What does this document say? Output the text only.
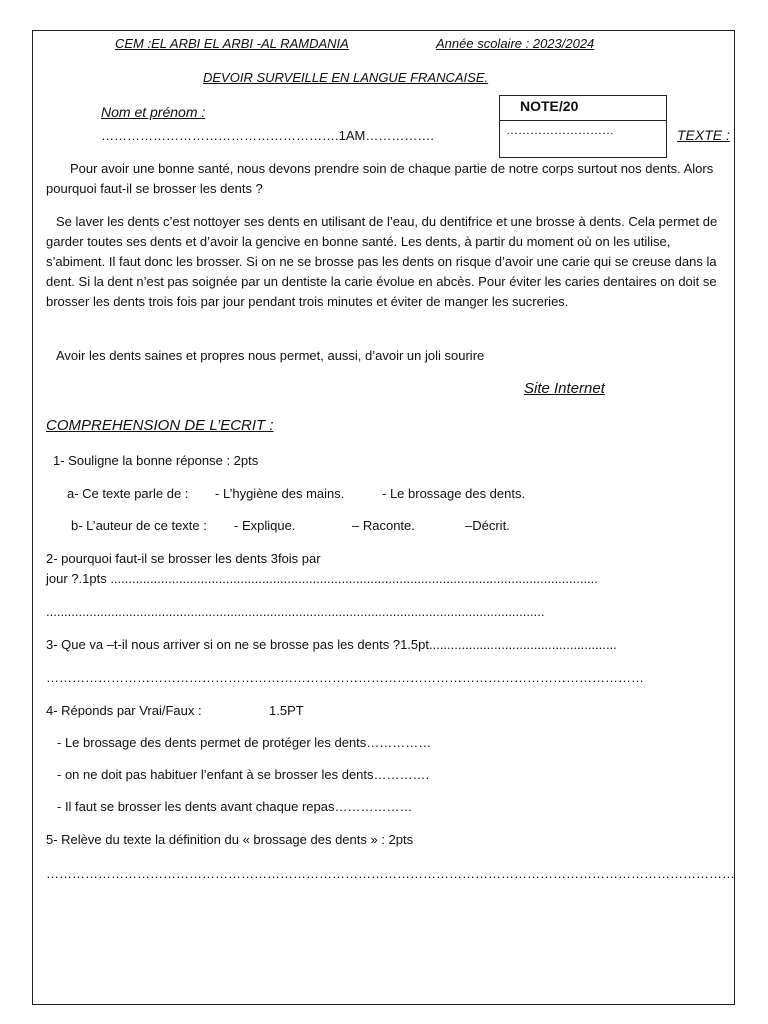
CEM :EL ARBI EL ARBI -AL RAMDANIA	Année scolaire : 2023/2024
DEVOIR SURVEILLE EN LANGUE FRANCAISE.
Nom et prénom :
……………………………………………….1AM…………….
NOTE/20
………………………	TEXTE :
Pour avoir une bonne santé, nous devons prendre soin de chaque partie de notre corps surtout nos dents. Alors pourquoi faut-il se brosser les dents ?
Se laver les dents c’est nottoyer ses dents en utilisant de l’eau, du dentifrice et une brosse à dents. Cela permet de garder toutes ses dents et d’avoir la gencive en bonne santé. Les dents, à partir du moment où on les utilise, s’abiment. Il faut donc les brosser. Si on ne se brosse pas les dents on risque d’avoir une carie qui se creuse dans la dent. Si la dent n’est pas soignée par un dentiste la carie évolue en abcès. Pour éviter les caries dentaires on doit se brosser les dents trois fois par jour pendant trois minutes et éviter de manger les sucreries.
Avoir les dents saines et propres nous permet, aussi, d’avoir un joli sourire
Site Internet
COMPREHENSION DE L’ECRIT :
1- Souligne la bonne réponse : 2pts
a- Ce texte parle de : - L’hygiène des mains.	- Le brossage des dents.
b- L’auteur de ce texte : - Explique.	– Raconte.	–Décrit.
2- pourquoi faut-il se brosser les dents 3fois par
jour ?.1pts .......................................................................................................................................
..........................................................................................................................................
3- Que va –t-il nous arriver si on ne se brosse pas les dents ?1.5pt....................................................
…………………………………………………………………………………………………………………………
4- Réponds par Vrai/Faux :	1.5PT
- Le brossage des dents permet de protéger les dents……………
- on ne doit pas habituer l’enfant à se brosser les dents………….
- Il faut se brosser les dents avant chaque repas………………
5- Relève du texte la définition du « brossage des dents » : 2pts
……………………………………………………………………………………………………………………………………………
